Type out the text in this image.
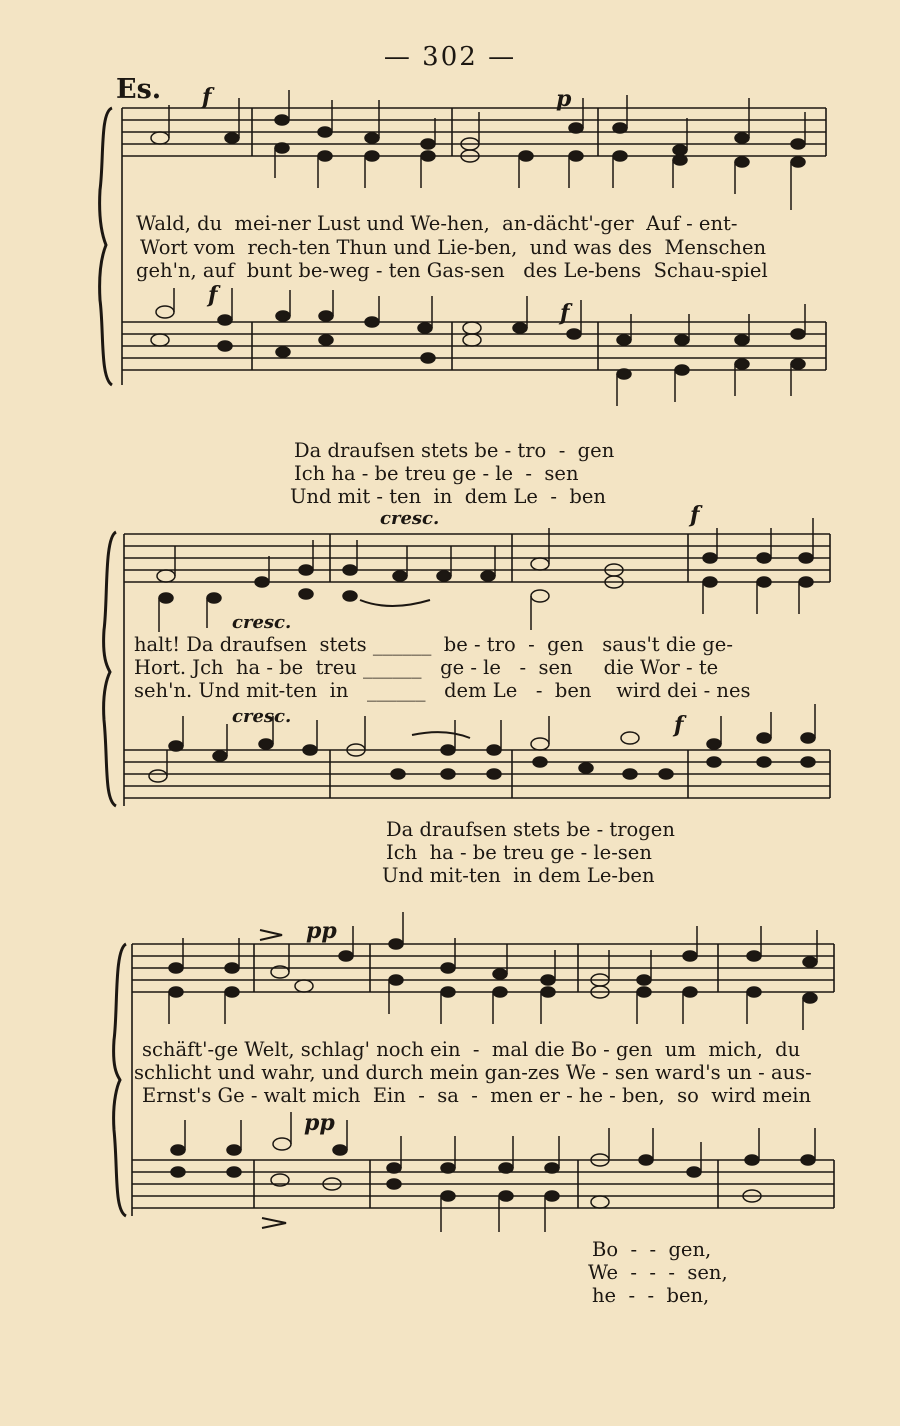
— 302 —
Es. f	p
f
f
Wald, du  mei-ner Lust und We-hen,  an-dächt'-ger  Auf - ent-
Wort vom  rech-ten Thun und Lie-ben,  und was des  Menschen
geh'n, auf  bunt be-weg - ten Gas-sen   des Le-bens  Schau-spiel
Da draufsen stets be - tro  -  gen
Ich ha - be treu ge - le  -  sen
Und mit - ten  in  dem Le  -  ben
cresc.
cresc.
cresc.
f
f
halt! Da draufsen  stets ______  be - tro  -  gen   saus't die ge-
Hort. Jch  ha - be  treu ______   ge - le   -  sen     die Wor - te
seh'n. Und mit-ten  in   ______   dem Le   -  ben    wird dei - nes
Da draufsen stets be - trogen
Ich  ha - be treu ge - le-sen
Und mit-ten  in dem Le-ben
pp
pp
schäft'-ge Welt, schlag' noch ein  -  mal die Bo - gen  um  mich,  du
schlicht und wahr, und durch mein gan-zes We - sen ward's un - aus-
Ernst's Ge - walt mich  Ein  -  sa  -  men er - he - ben,  so  wird mein
Bo  -  -  gen,
We  -  -  -  sen,
he  -  -  ben,
